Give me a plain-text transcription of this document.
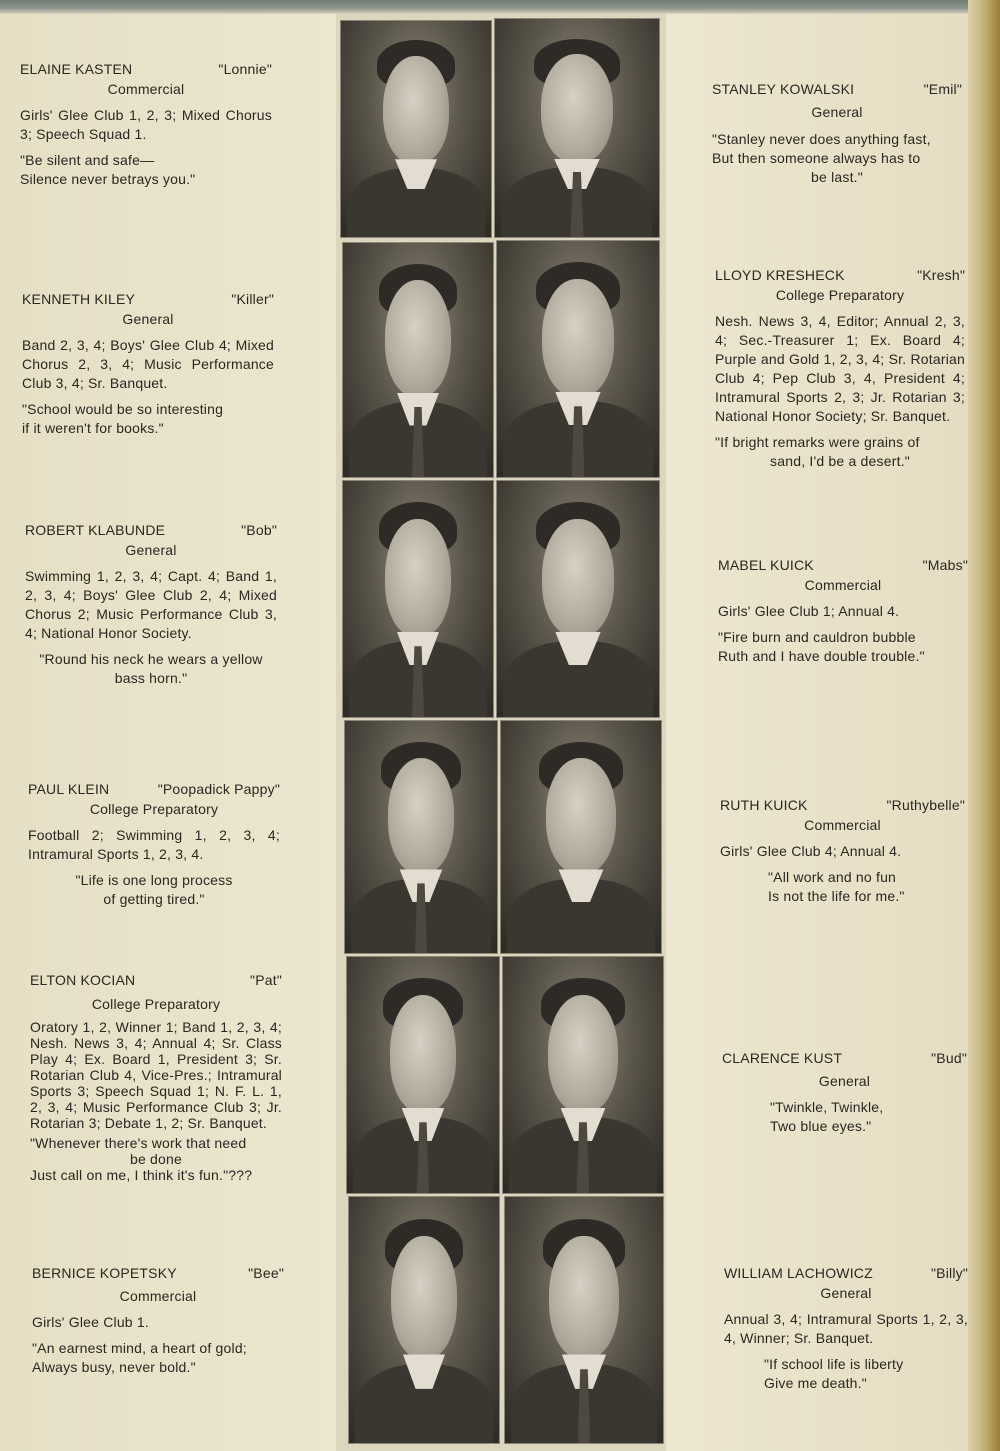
ELAINE KASTEN	"Lonnie"
Commercial
Girls' Glee Club 1, 2, 3; Mixed Chorus 3; Speech Squad 1.
"Be silent and safe—
Silence never betrays you."
KENNETH KILEY	"Killer"
General
Band 2, 3, 4; Boys' Glee Club 4; Mixed Chorus 2, 3, 4; Music Performance Club 3, 4; Sr. Banquet.
"School would be so interesting
if it weren't for books."
ROBERT KLABUNDE	"Bob"
General
Swimming 1, 2, 3, 4; Capt. 4; Band 1, 2, 3, 4; Boys' Glee Club 2, 4; Mixed Chorus 2; Music Performance Club 3, 4; National Honor Society.
"Round his neck he wears a yellow
bass horn."
PAUL KLEIN	"Poopadick Pappy"
College Preparatory
Football 2; Swimming 1, 2, 3, 4; Intramural Sports 1, 2, 3, 4.
"Life is one long process
of getting tired."
ELTON KOCIAN	"Pat"
College Preparatory
Oratory 1, 2, Winner 1; Band 1, 2, 3, 4; Nesh. News 3, 4; Annual 4; Sr. Class Play 4; Ex. Board 1, President 3; Sr. Rotarian Club 4, Vice-Pres.; Intramural Sports 3; Speech Squad 1; N. F. L. 1, 2, 3, 4; Music Performance Club 3; Jr. Rotarian 3; Debate 1, 2; Sr. Banquet.
"Whenever there's work that need
be done
Just call on me, I think it's fun."???
BERNICE KOPETSKY	"Bee"
Commercial
Girls' Glee Club 1.
"An earnest mind, a heart of gold;
Always busy, never bold."
STANLEY KOWALSKI	"Emil"
General
"Stanley never does anything fast,
But then someone always has to
be last."
LLOYD KRESHECK	"Kresh"
College Preparatory
Nesh. News 3, 4, Editor; Annual 2, 3, 4; Sec.-Treasurer 1; Ex. Board 4; Purple and Gold 1, 2, 3, 4; Sr. Rotarian Club 4; Pep Club 3, 4, President 4; Intramural Sports 2, 3; Jr. Rotarian 3; National Honor Society; Sr. Banquet.
"If bright remarks were grains of
sand, I'd be a desert."
MABEL KUICK	"Mabs"
Commercial
Girls' Glee Club 1; Annual 4.
"Fire burn and cauldron bubble
Ruth and I have double trouble."
RUTH KUICK	"Ruthybelle"
Commercial
Girls' Glee Club 4; Annual 4.
"All work and no fun
Is not the life for me."
CLARENCE KUST	"Bud"
General
"Twinkle, Twinkle,
Two blue eyes."
WILLIAM LACHOWICZ	"Billy"
General
Annual 3, 4; Intramural Sports 1, 2, 3, 4, Winner; Sr. Banquet.
"If school life is liberty
Give me death."
